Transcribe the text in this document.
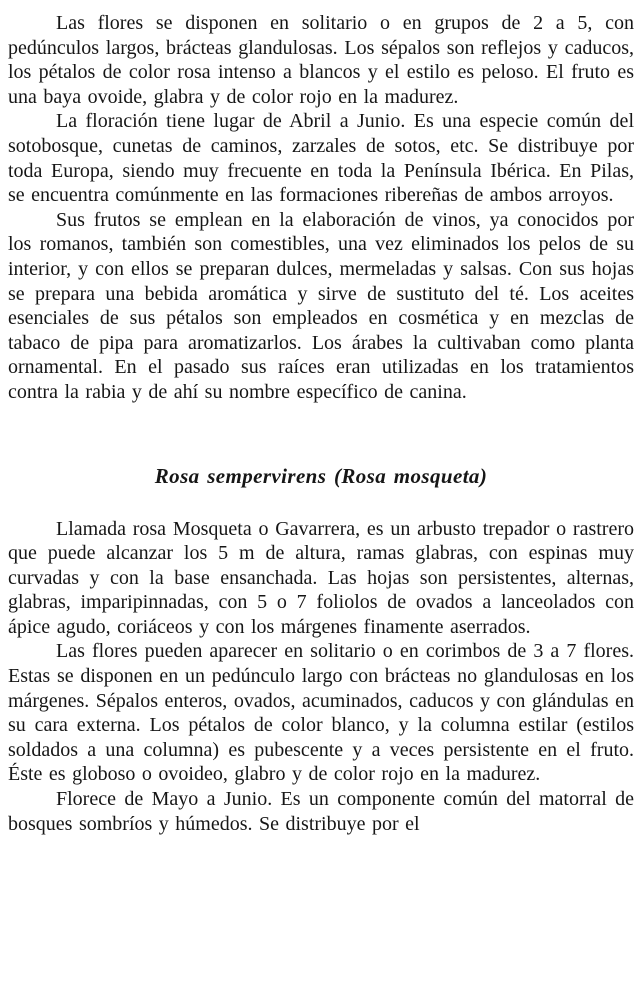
Las flores se disponen en solitario o en grupos de 2 a 5, con pedúnculos largos, brácteas glandulosas. Los sépalos son reflejos y caducos, los pétalos de color rosa intenso a blancos y el estilo es peloso. El fruto es una baya ovoide, glabra y de color rojo en la madurez.

La floración tiene lugar de Abril a Junio. Es una especie común del sotobosque, cunetas de caminos, zarzales de sotos, etc. Se distribuye por toda Europa, siendo muy frecuente en toda la Península Ibérica. En Pilas, se encuentra comúnmente en las formaciones ribereñas de ambos arroyos.

Sus frutos se emplean en la elaboración de vinos, ya conocidos por los romanos, también son comestibles, una vez eliminados los pelos de su interior, y con ellos se preparan dulces, mermeladas y salsas. Con sus hojas se prepara una bebida aromática y sirve de sustituto del té. Los aceites esenciales de sus pétalos son empleados en cosmética y en mezclas de tabaco de pipa para aromatizarlos. Los árabes la cultivaban como planta ornamental. En el pasado sus raíces eran utilizadas en los tratamientos contra la rabia y de ahí su nombre específico de canina.

Rosa sempervirens (Rosa mosqueta)

Llamada rosa Mosqueta o Gavarrera, es un arbusto trepador o rastrero que puede alcanzar los 5 m de altura, ramas glabras, con espinas muy curvadas y con la base ensanchada. Las hojas son persistentes, alternas, glabras, imparipinnadas, con 5 o 7 foliolos de ovados a lanceolados con ápice agudo, coriáceos y con los márgenes finamente aserrados.

Las flores pueden aparecer en solitario o en corimbos de 3 a 7 flores. Estas se disponen en un pedúnculo largo con brácteas no glandulosas en los márgenes. Sépalos enteros, ovados, acuminados, caducos y con glándulas en su cara externa. Los pétalos de color blanco, y la columna estilar (estilos soldados a una columna) es pubescente y a veces persistente en el fruto. Éste es globoso o ovoideo, glabro y de color rojo en la madurez.

Florece de Mayo a Junio. Es un componente común del matorral de bosques sombríos y húmedos. Se distribuye por el
